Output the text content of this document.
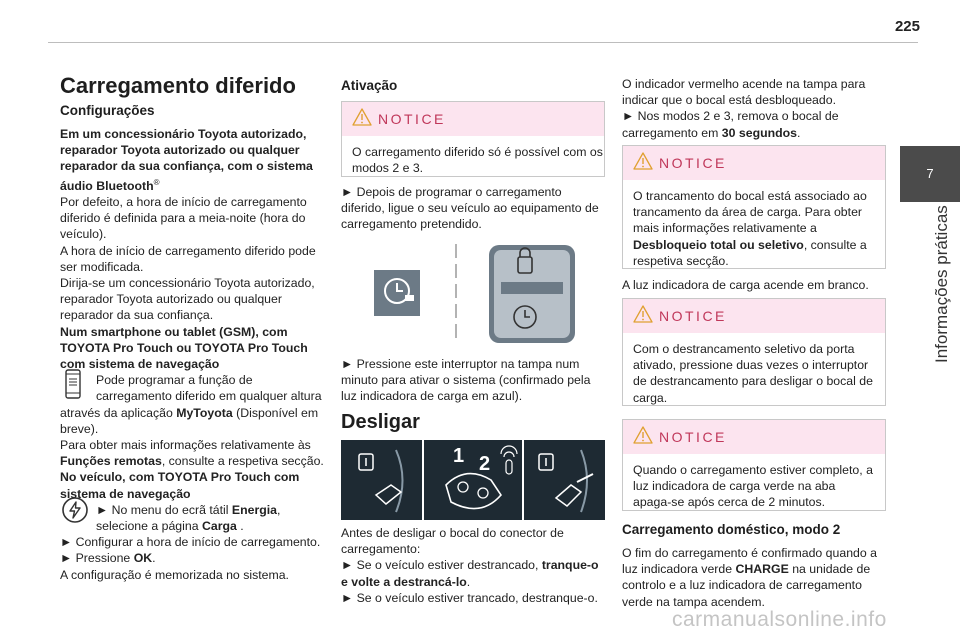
225
7
Informações práticas
Carregamento diferido
Configurações
Em um concessionário Toyota autorizado,
reparador Toyota autorizado ou qualquer
reparador da sua confiança, com o sistema
áudio Bluetooth®
Por defeito, a hora de início de carregamento
diferido é definida para a meia-noite (hora do
veículo).
A hora de início de carregamento diferido pode
ser modificada.
Dirija-se um concessionário Toyota autorizado,
reparador Toyota autorizado ou qualquer
reparador da sua confiança.
Num smartphone ou tablet (GSM), com
TOYOTA Pro Touch ou TOYOTA Pro Touch
com sistema de navegação
Pode programar a função de
carregamento diferido em qualquer altura
através da aplicação MyToyota (Disponível em
breve).
Para obter mais informações relativamente às
Funções remotas, consulte a respetiva secção.
No veículo, com TOYOTA Pro Touch com
sistema de navegação
► No menu do ecrã tátil Energia,
selecione a página Carga .
► Configurar a hora de início de carregamento.
► Pressione OK.
A configuração é memorizada no sistema.
Ativação
NOTICE
O carregamento diferido só é possível com os
modos 2 e 3.
► Depois de programar o carregamento
diferido, ligue o seu veículo ao equipamento de
carregamento pretendido.
► Pressione este interruptor na tampa num
minuto para ativar o sistema (confirmado pela
luz indicadora de carga em azul).
Desligar
1 2
Antes de desligar o bocal do conector de
carregamento:
► Se o veículo estiver destrancado, tranque-o
e volte a destrancá-lo.
► Se o veículo estiver trancado, destranque-o.
O indicador vermelho acende na tampa para
indicar que o bocal está desbloqueado.
► Nos modos 2 e 3, remova o bocal de
carregamento em 30 segundos.
NOTICE
O trancamento do bocal está associado ao
trancamento da área de carga. Para obter
mais informações relativamente a
Desbloqueio total ou seletivo, consulte a
respetiva secção.
A luz indicadora de carga acende em branco.
NOTICE
Com o destrancamento seletivo da porta
ativado, pressione duas vezes o interruptor
de destrancamento para desligar o bocal de
carga.
NOTICE
Quando o carregamento estiver completo, a
luz indicadora de carga verde na aba
apaga-se após cerca de 2 minutos.
Carregamento doméstico, modo 2
O fim do carregamento é confirmado quando a
luz indicadora verde CHARGE na unidade de
controlo e a luz indicadora de carregamento
verde na tampa acendem.
carmanualsonline.info
